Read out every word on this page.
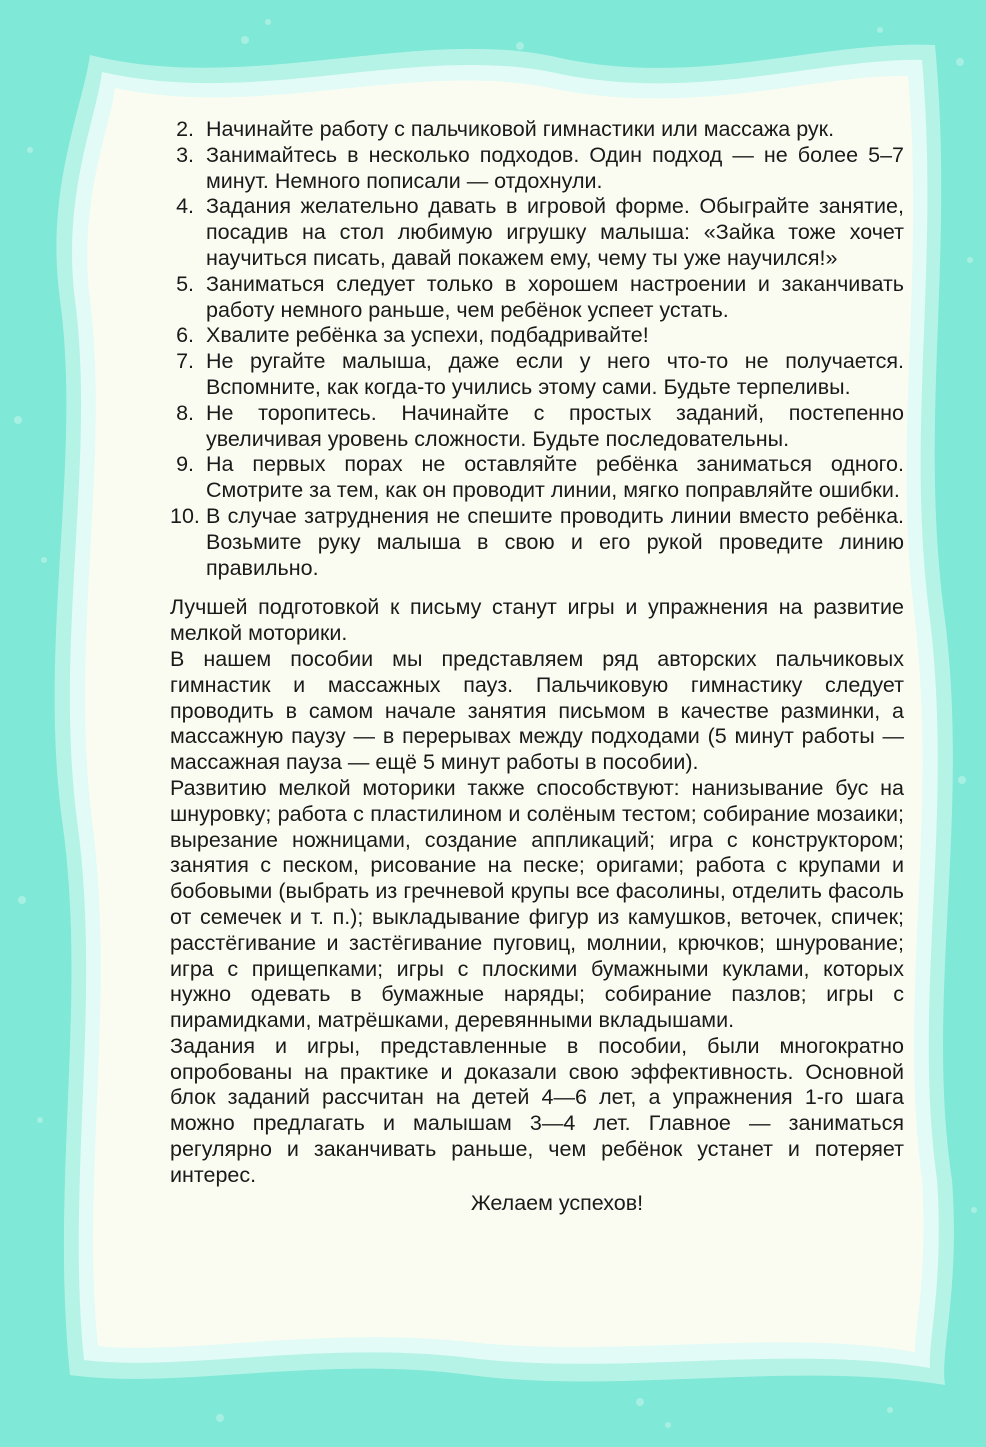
2. Начинайте работу с пальчиковой гимнастики или массажа рук.
3. Занимайтесь в несколько подходов. Один подход — не более 5–7 минут. Немного пописали — отдохнули.
4. Задания желательно давать в игровой форме. Обыграйте занятие, посадив на стол любимую игрушку малыша: «Зайка тоже хочет научиться писать, давай покажем ему, чему ты уже научился!»
5. Заниматься следует только в хорошем настроении и заканчивать работу немного раньше, чем ребёнок успеет устать.
6. Хвалите ребёнка за успехи, подбадривайте!
7. Не ругайте малыша, даже если у него что-то не получается. Вспомните, как когда-то учились этому сами. Будьте терпеливы.
8. Не торопитесь. Начинайте с простых заданий, постепенно увеличивая уровень сложности. Будьте последовательны.
9. На первых порах не оставляйте ребёнка заниматься одного. Смотрите за тем, как он проводит линии, мягко поправляйте ошибки.
10. В случае затруднения не спешите проводить линии вместо ребёнка. Возьмите руку малыша в свою и его рукой проведите линию правильно.

Лучшей подготовкой к письму станут игры и упражнения на развитие мелкой моторики.

В нашем пособии мы представляем ряд авторских пальчиковых гимнастик и массажных пауз. Пальчиковую гимнастику следует проводить в самом начале занятия письмом в качестве разминки, а массажную паузу — в перерывах между подходами (5 минут работы — массажная пауза — ещё 5 минут работы в пособии).

Развитию мелкой моторики также способствуют: нанизывание бус на шнуровку; работа с пластилином и солёным тестом; собирание мозаики; вырезание ножницами, создание аппликаций; игра с конструктором; занятия с песком, рисование на песке; оригами; работа с крупами и бобовыми (выбрать из гречневой крупы все фасолины, отделить фасоль от семечек и т. п.); выкладывание фигур из камушков, веточек, спичек; расстёгивание и застёгивание пуговиц, молнии, крючков; шнурование; игра с прищепками; игры с плоскими бумажными куклами, которых нужно одевать в бумажные наряды; собирание пазлов; игры с пирамидками, матрёшками, деревянными вкладышами.

Задания и игры, представленные в пособии, были многократно опробованы на практике и доказали свою эффективность. Основной блок заданий рассчитан на детей 4—6 лет, а упражнения 1-го шага можно предлагать и малышам 3—4 лет. Главное — заниматься регулярно и заканчивать раньше, чем ребёнок устанет и потеряет интерес.

Желаем успехов!
